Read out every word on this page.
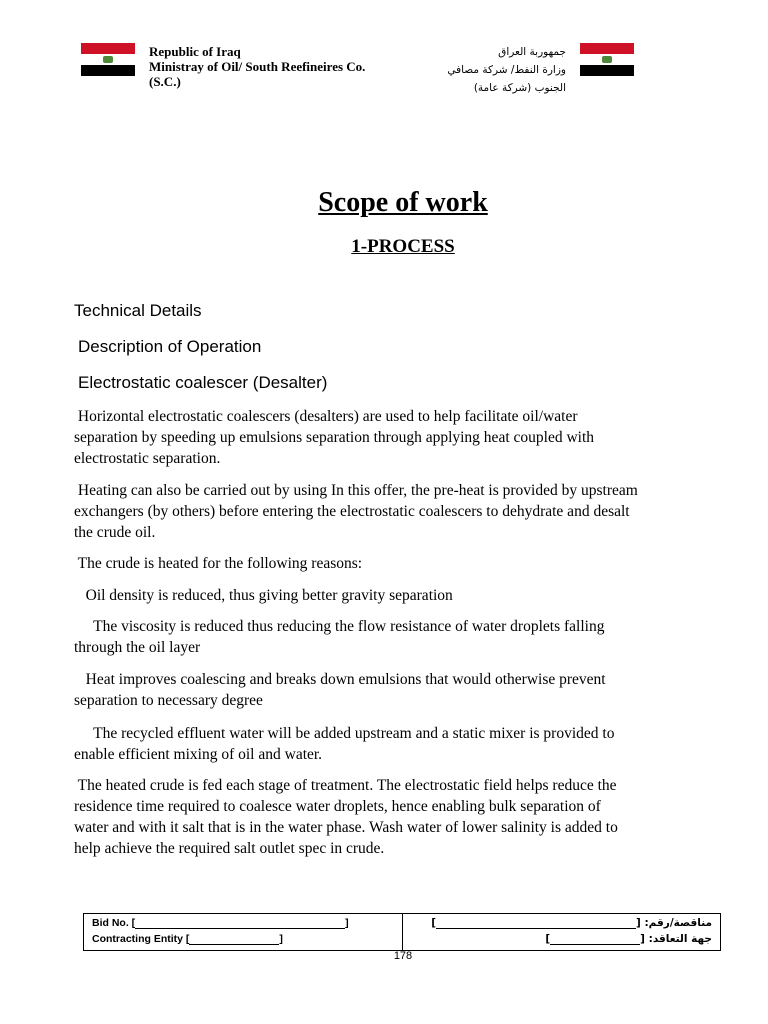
Republic of Iraq
Ministray of Oil/ South Reefineires Co.
(S.C.)
جمهوربة العراق
وزارة النفط/ شركة مصافي
الجنوب (شركة عامة)
Scope of work
1-PROCESS
Technical Details
Description of Operation
Electrostatic coalescer (Desalter)
Horizontal electrostatic coalescers (desalters) are used to help facilitate oil/water
separation by speeding up emulsions separation through applying heat coupled with
electrostatic separation.
Heating can also be carried out by using In this offer, the pre-heat is provided by upstream
exchangers (by others) before entering the electrostatic coalescers to dehydrate and desalt
the crude oil.
The crude is heated for the following reasons:
Oil density is reduced, thus giving better gravity separation
The viscosity is reduced thus reducing the flow resistance of water droplets falling
through the oil layer
Heat improves coalescing and breaks down emulsions that would otherwise prevent
separation to necessary degree
The recycled effluent water will be added upstream and a static mixer is provided to
enable efficient mixing of oil and water.
The heated crude is fed each stage of treatment. The electrostatic field helps reduce the
residence time required to coalesce water droplets, hence enabling bulk separation of
water and with it salt that is in the water phase. Wash water of lower salinity is added to
help achieve the required salt outlet spec in crude.
Bid No. [	]
Contracting Entity [	]
مناقصة/رقم: []
جهة التعاقد: []
178
